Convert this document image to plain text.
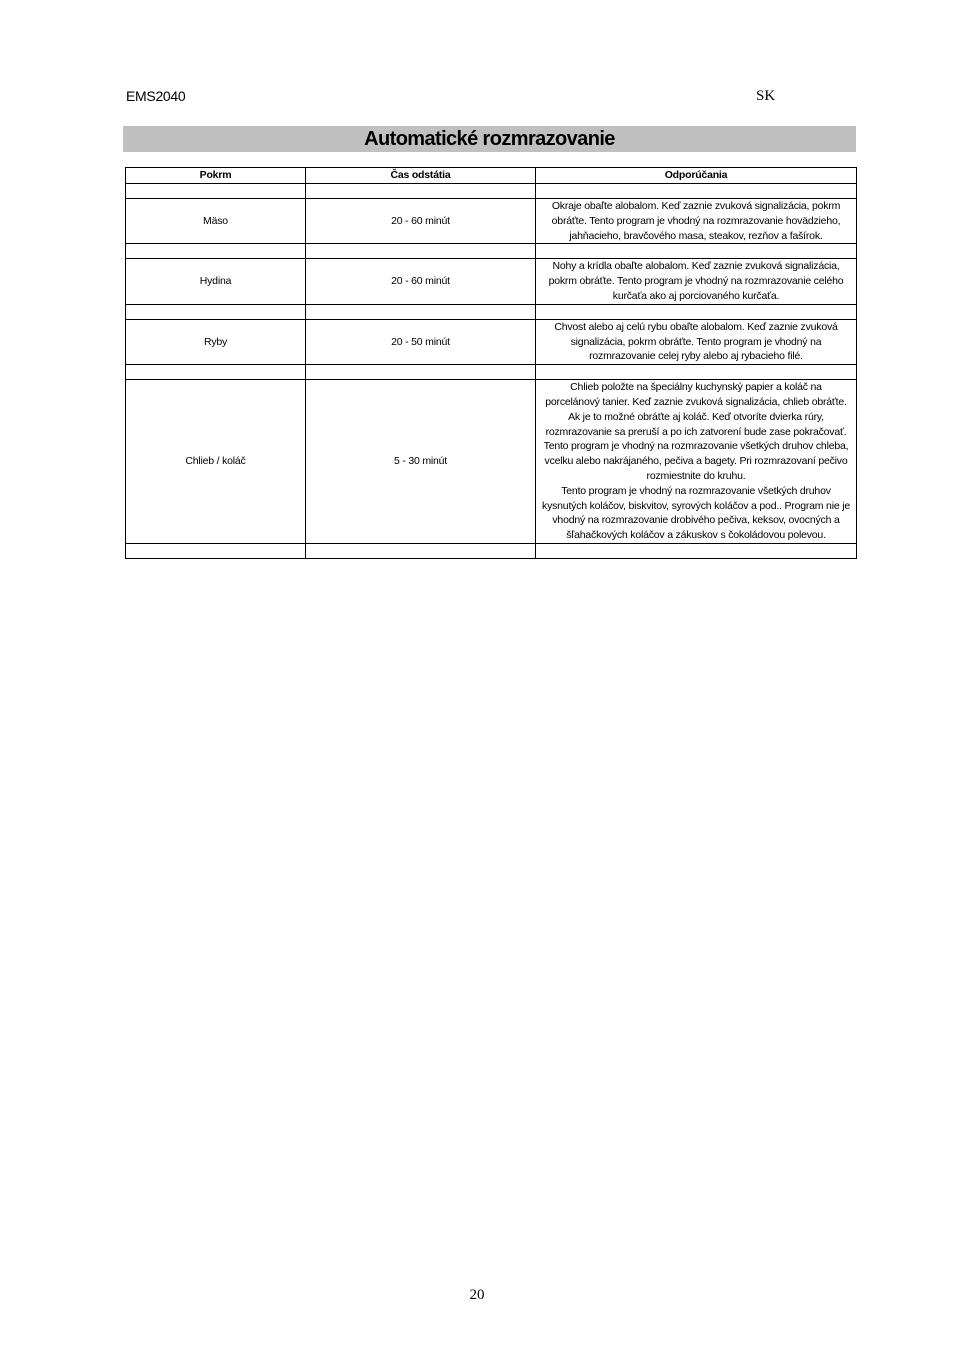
EMS2040	SK
Automatické rozmrazovanie
Pokrm	Čas odstátia	Odporúčania

Mäso	20 - 60 minút	Okraje obaľte alobalom. Keď zaznie zvuková signalizácia, pokrm obráťte. Tento program je vhodný na rozmrazovanie hovädzieho, jahňacieho, bravčového masa, steakov, rezňov a fašírok.

Hydina	20 - 60 minút	Nohy a krídla obaľte alobalom. Keď zaznie zvuková signalizácia, pokrm obráťte. Tento program je vhodný na rozmrazovanie celého kurčaťa ako aj porciovaného kurčaťa.

Ryby	20 - 50 minút	Chvost alebo aj celú rybu obaľte alobalom. Keď zaznie zvuková signalizácia, pokrm obráťte. Tento program je vhodný na rozmrazovanie celej ryby alebo aj rybacieho filé.

Chlieb / koláč	5 - 30 minút	Chlieb položte na špeciálny kuchynský papier a koláč na porcelánový tanier. Keď zaznie zvuková signalizácia, chlieb obráťte. Ak je to možné obráťte aj koláč. Keď otvoríte dvierka rúry, rozmrazovanie sa preruší a po ich zatvorení bude zase pokračovať.
Tento program je vhodný na rozmrazovanie všetkých druhov chleba, vcelku alebo nakrájaného, pečiva a bagety. Pri rozmrazovaní pečivo rozmiestnite do kruhu.
Tento program je vhodný na rozmrazovanie všetkých druhov kysnutých koláčov, biskvitov, syrových koláčov a pod.. Program nie je vhodný na rozmrazovanie drobivého pečiva, keksov, ovocných a šľahačkových koláčov a zákuskov s čokoládovou polevou.

20
